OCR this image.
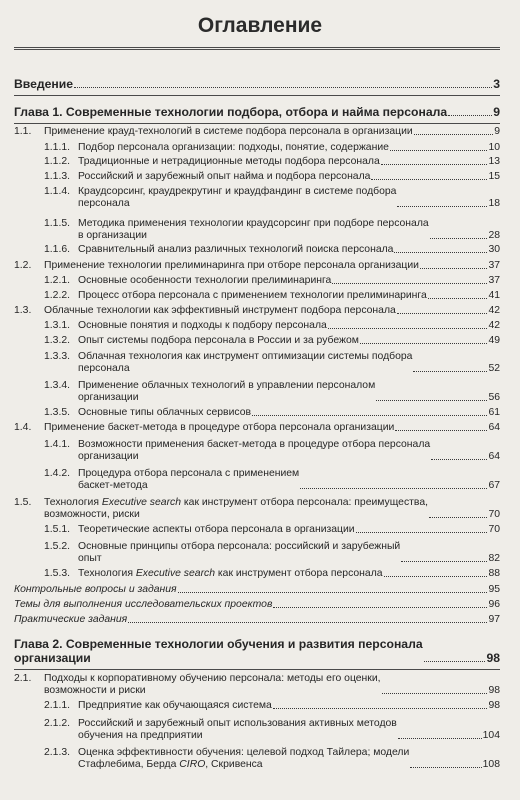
Оглавление
Введение	3
Глава 1. Современные технологии подбора, отбора и найма персонала	9
1.1.	Применение крауд-технологий в системе подбора персонала в организации	9
1.1.1. Подбор персонала организации: подходы, понятие, содержание	10
1.1.2. Традиционные и нетрадиционные методы подбора персонала	13
1.1.3. Российский и зарубежный опыт найма и подбора персонала	15
1.1.4. Краудсорсинг, краудрекрутинг и краудфандинг в системе подбора
персонала	18
1.1.5. Методика применения технологии краудсорсинг при подборе персонала
в организации	28
1.1.6. Сравнительный анализ различных технологий поиска персонала	30
1.2.	Применение технологии прелиминаринга при отборе персонала организации	37
1.2.1. Основные особенности технологии прелиминаринга	37
1.2.2. Процесс отбора персонала с применением технологии прелиминаринга	41
1.3.	Облачные технологии как эффективный инструмент подбора персонала	42
1.3.1. Основные понятия и подходы к подбору персонала	42
1.3.2. Опыт системы подбора персонала в России и за рубежом	49
1.3.3. Облачная технология как инструмент оптимизации системы подбора
персонала	52
1.3.4. Применение облачных технологий в управлении персоналом
организации	56
1.3.5. Основные типы облачных сервисов	61
1.4.	Применение баскет-метода в процедуре отбора персонала организации	64
1.4.1. Возможности применения баскет-метода в процедуре отбора персонала
организации	64
1.4.2. Процедура отбора персонала с применением
баскет-метода	67
1.5.	Технология Executive search как инструмент отбора персонала: преимущества,
возможности, риски	70
1.5.1. Теоретические аспекты отбора персонала в организации	70
1.5.2. Основные принципы отбора персонала: российский и зарубежный
опыт	82
1.5.3. Технология Executive search как инструмент отбора персонала	88
Контрольные вопросы и задания	95
Темы для выполнения исследовательских проектов	96
Практические задания	97
Глава 2. Современные технологии обучения и развития персонала
организации	98
2.1.	Подходы к корпоративному обучению персонала: методы его оценки,
возможности и риски	98
2.1.1. Предприятие как обучающаяся система	98
2.1.2. Российский и зарубежный опыт использования активных методов
обучения на предприятии	104
2.1.3. Оценка эффективности обучения: целевой подход Тайлера; модели
Стафлебима, Берда CIRO, Скривенса	108
